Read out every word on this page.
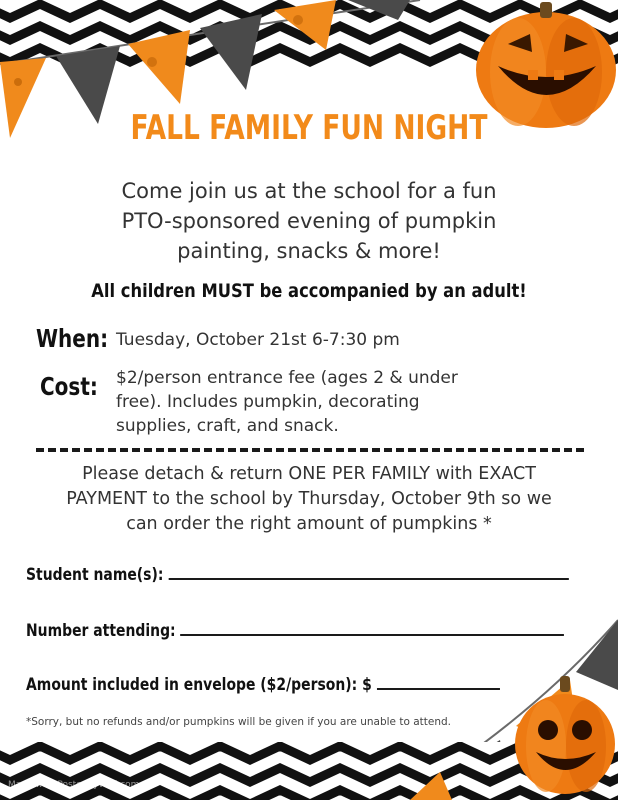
FALL FAMILY FUN NIGHT
Come join us at the school for a fun
PTO-sponsored evening of pumpkin
painting, snacks & more!
All children MUST be accompanied by an adult!
When: Tuesday, October 21st 6-7:30 pm
Cost: $2/person entrance fee (ages 2 & under
free). Includes pumpkin, decorating
supplies, craft, and snack.
Please detach & return ONE PER FAMILY with EXACT
PAYMENT to the school by Thursday, October 9th so we
can order the right amount of pumpkins *
Student name(s):
Number attending:
Amount included in envelope ($2/person): $
*Sorry, but no refunds and/or pumpkins will be given if you are unable to attend.
Made with PosterMyWall.com
